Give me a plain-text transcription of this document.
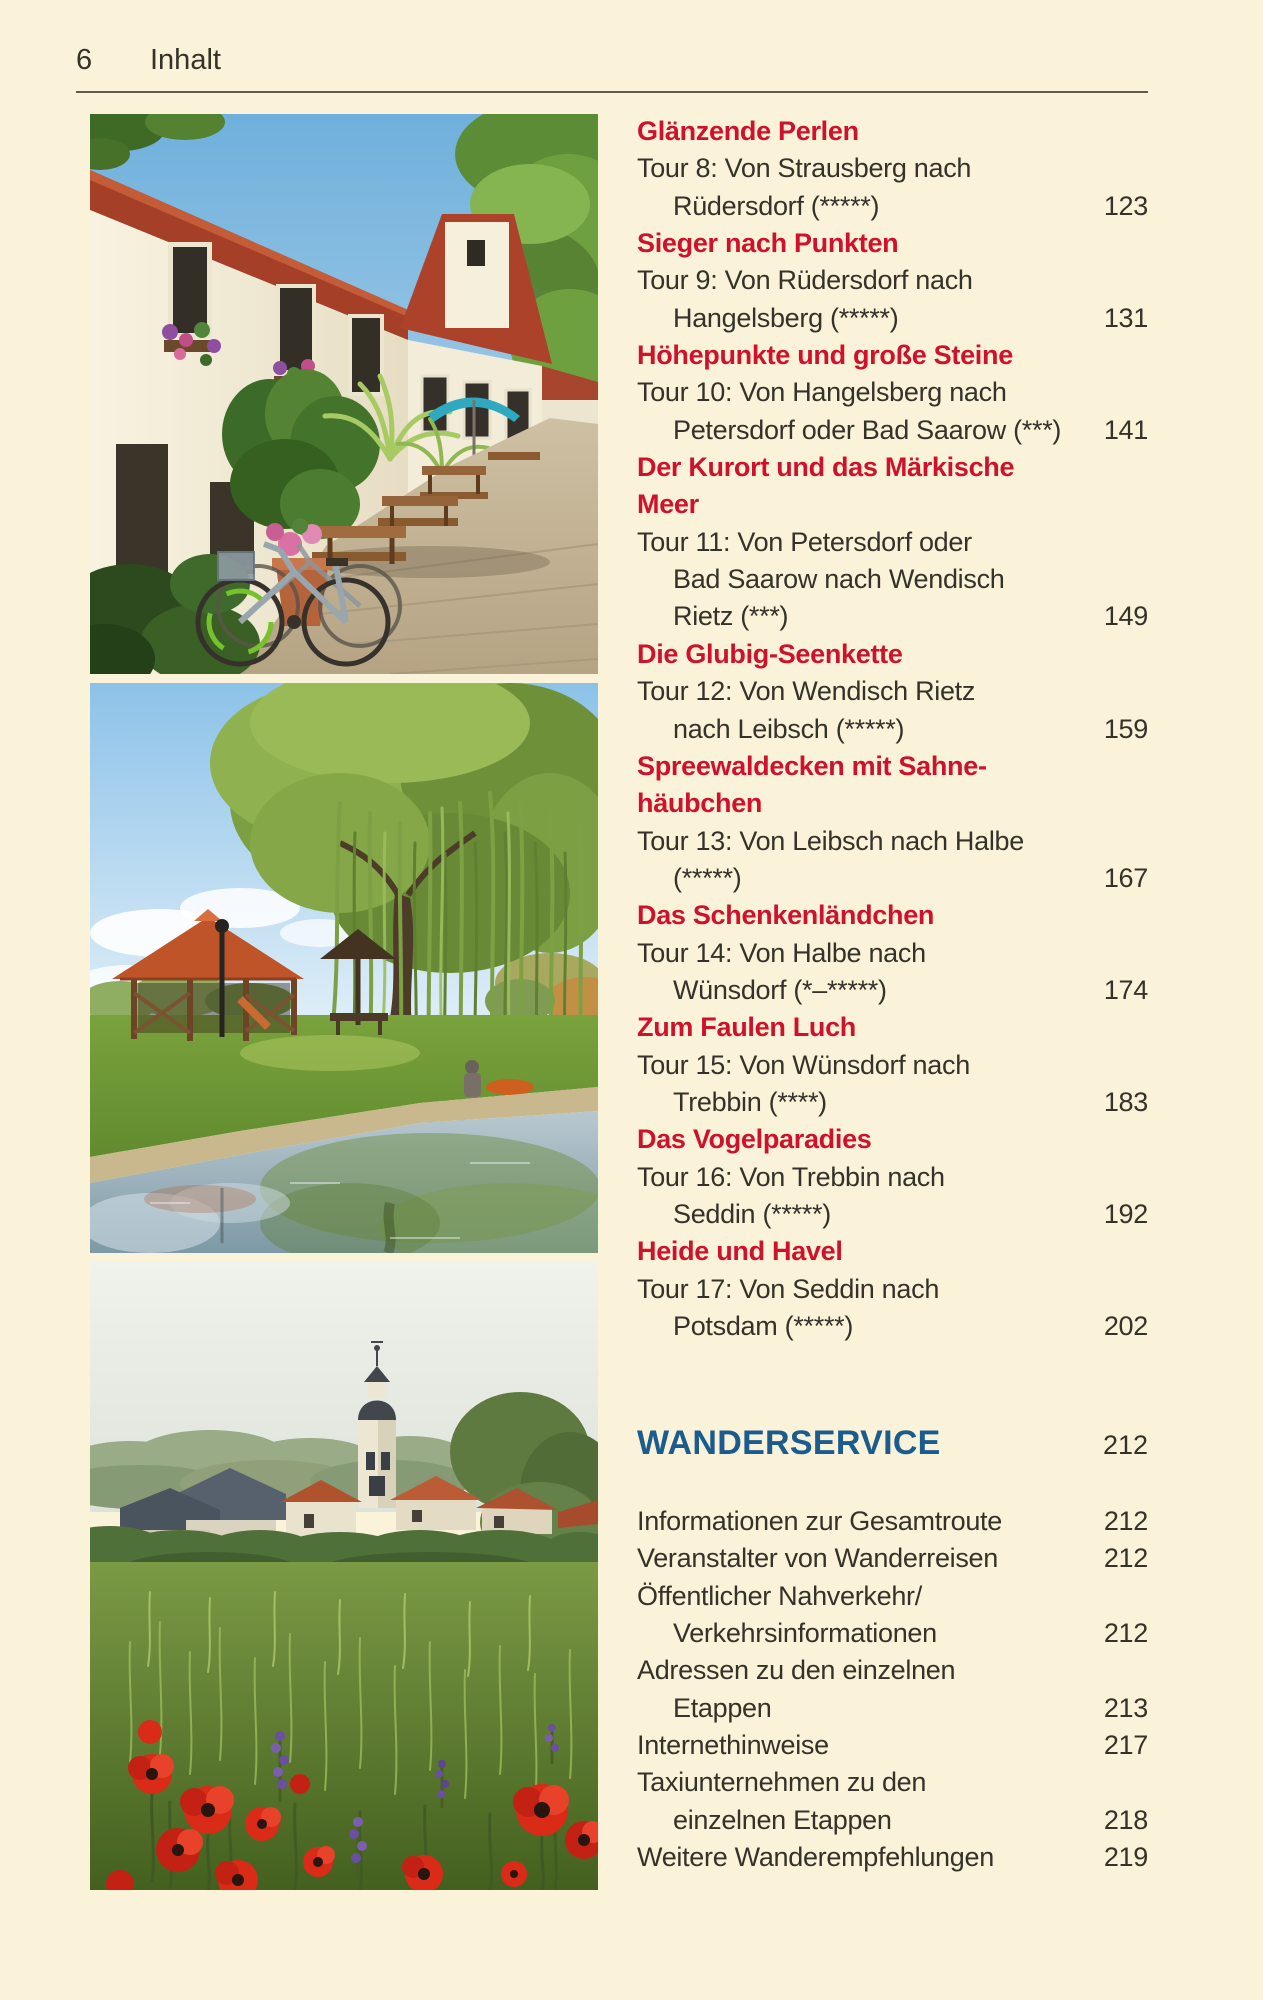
6 Inhalt
Glänzende Perlen
Tour 8: Von Strausberg nach
Rüdersdorf (*****)	123
Sieger nach Punkten
Tour 9: Von Rüdersdorf nach
Hangelsberg (*****)	131
Höhepunkte und große Steine
Tour 10: Von Hangelsberg nach
Petersdorf oder Bad Saarow (***) 141
Der Kurort und das Märkische
Meer
Tour 11: Von Petersdorf oder
Bad Saarow nach Wendisch
Rietz (***)	149
Die Glubig-Seenkette
Tour 12: Von Wendisch Rietz
nach Leibsch (*****)	159
Spreewaldecken mit Sahne-
häubchen
Tour 13: Von Leibsch nach Halbe
(*****)	167
Das Schenkenländchen
Tour 14: Von Halbe nach
Wünsdorf (*–*****)	174
Zum Faulen Luch
Tour 15: Von Wünsdorf nach
Trebbin (****)	183
Das Vogelparadies
Tour 16: Von Trebbin nach
Seddin (*****)	192
Heide und Havel
Tour 17: Von Seddin nach
Potsdam (*****)	202
WANDERSERVICE	212
Informationen zur Gesamtroute	212
Veranstalter von Wanderreisen	212
Öffentlicher Nahverkehr/
Verkehrsinformationen	212
Adressen zu den einzelnen
Etappen	213
Internethinweise	217
Taxiunternehmen zu den
einzelnen Etappen	218
Weitere Wanderempfehlungen	219
